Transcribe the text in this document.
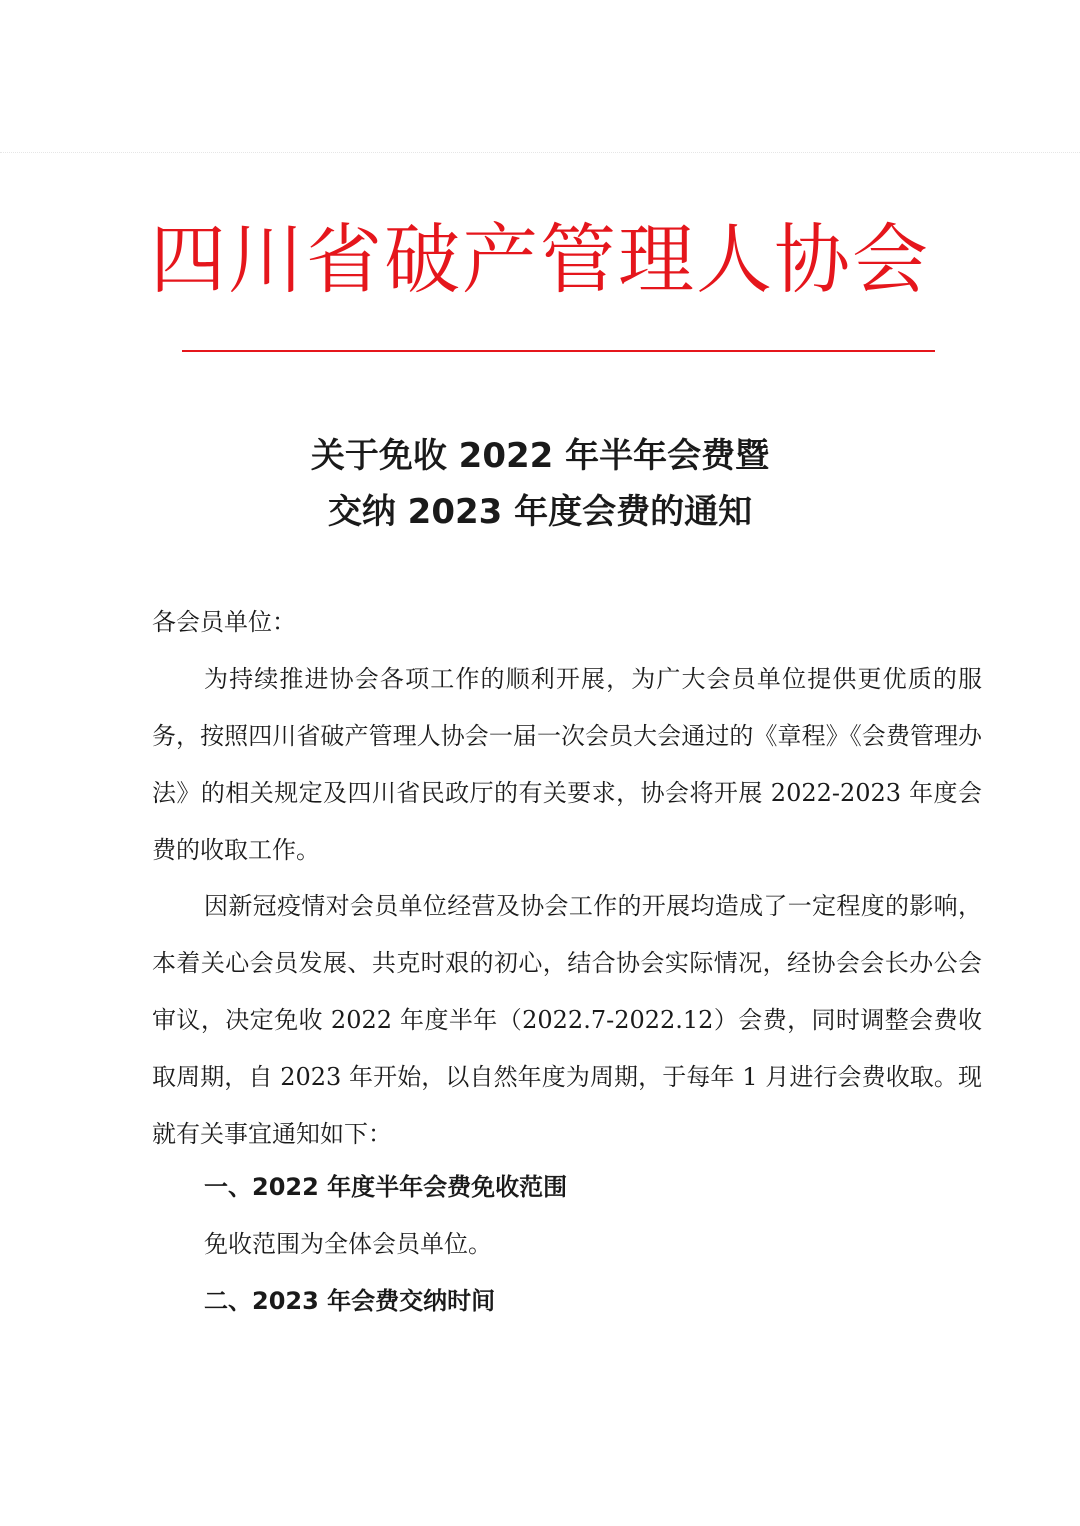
四川省破产管理人协会
关于免收 2022 年半年会费暨
交纳 2023 年度会费的通知
各会员单位：
为持续推进协会各项工作的顺利开展，为广大会员单位提供更优质的服务，按照四川省破产管理人协会一届一次会员大会通过的《章程》《会费管理办法》的相关规定及四川省民政厅的有关要求，协会将开展 2022-2023 年度会费的收取工作。
因新冠疫情对会员单位经营及协会工作的开展均造成了一定程度的影响，本着关心会员发展、共克时艰的初心，结合协会实际情况，经协会会长办公会审议，决定免收 2022 年度半年（2022.7-2022.12）会费，同时调整会费收取周期，自 2023 年开始，以自然年度为周期，于每年 1 月进行会费收取。现就有关事宜通知如下：
一、2022 年度半年会费免收范围
免收范围为全体会员单位。
二、2023 年会费交纳时间
